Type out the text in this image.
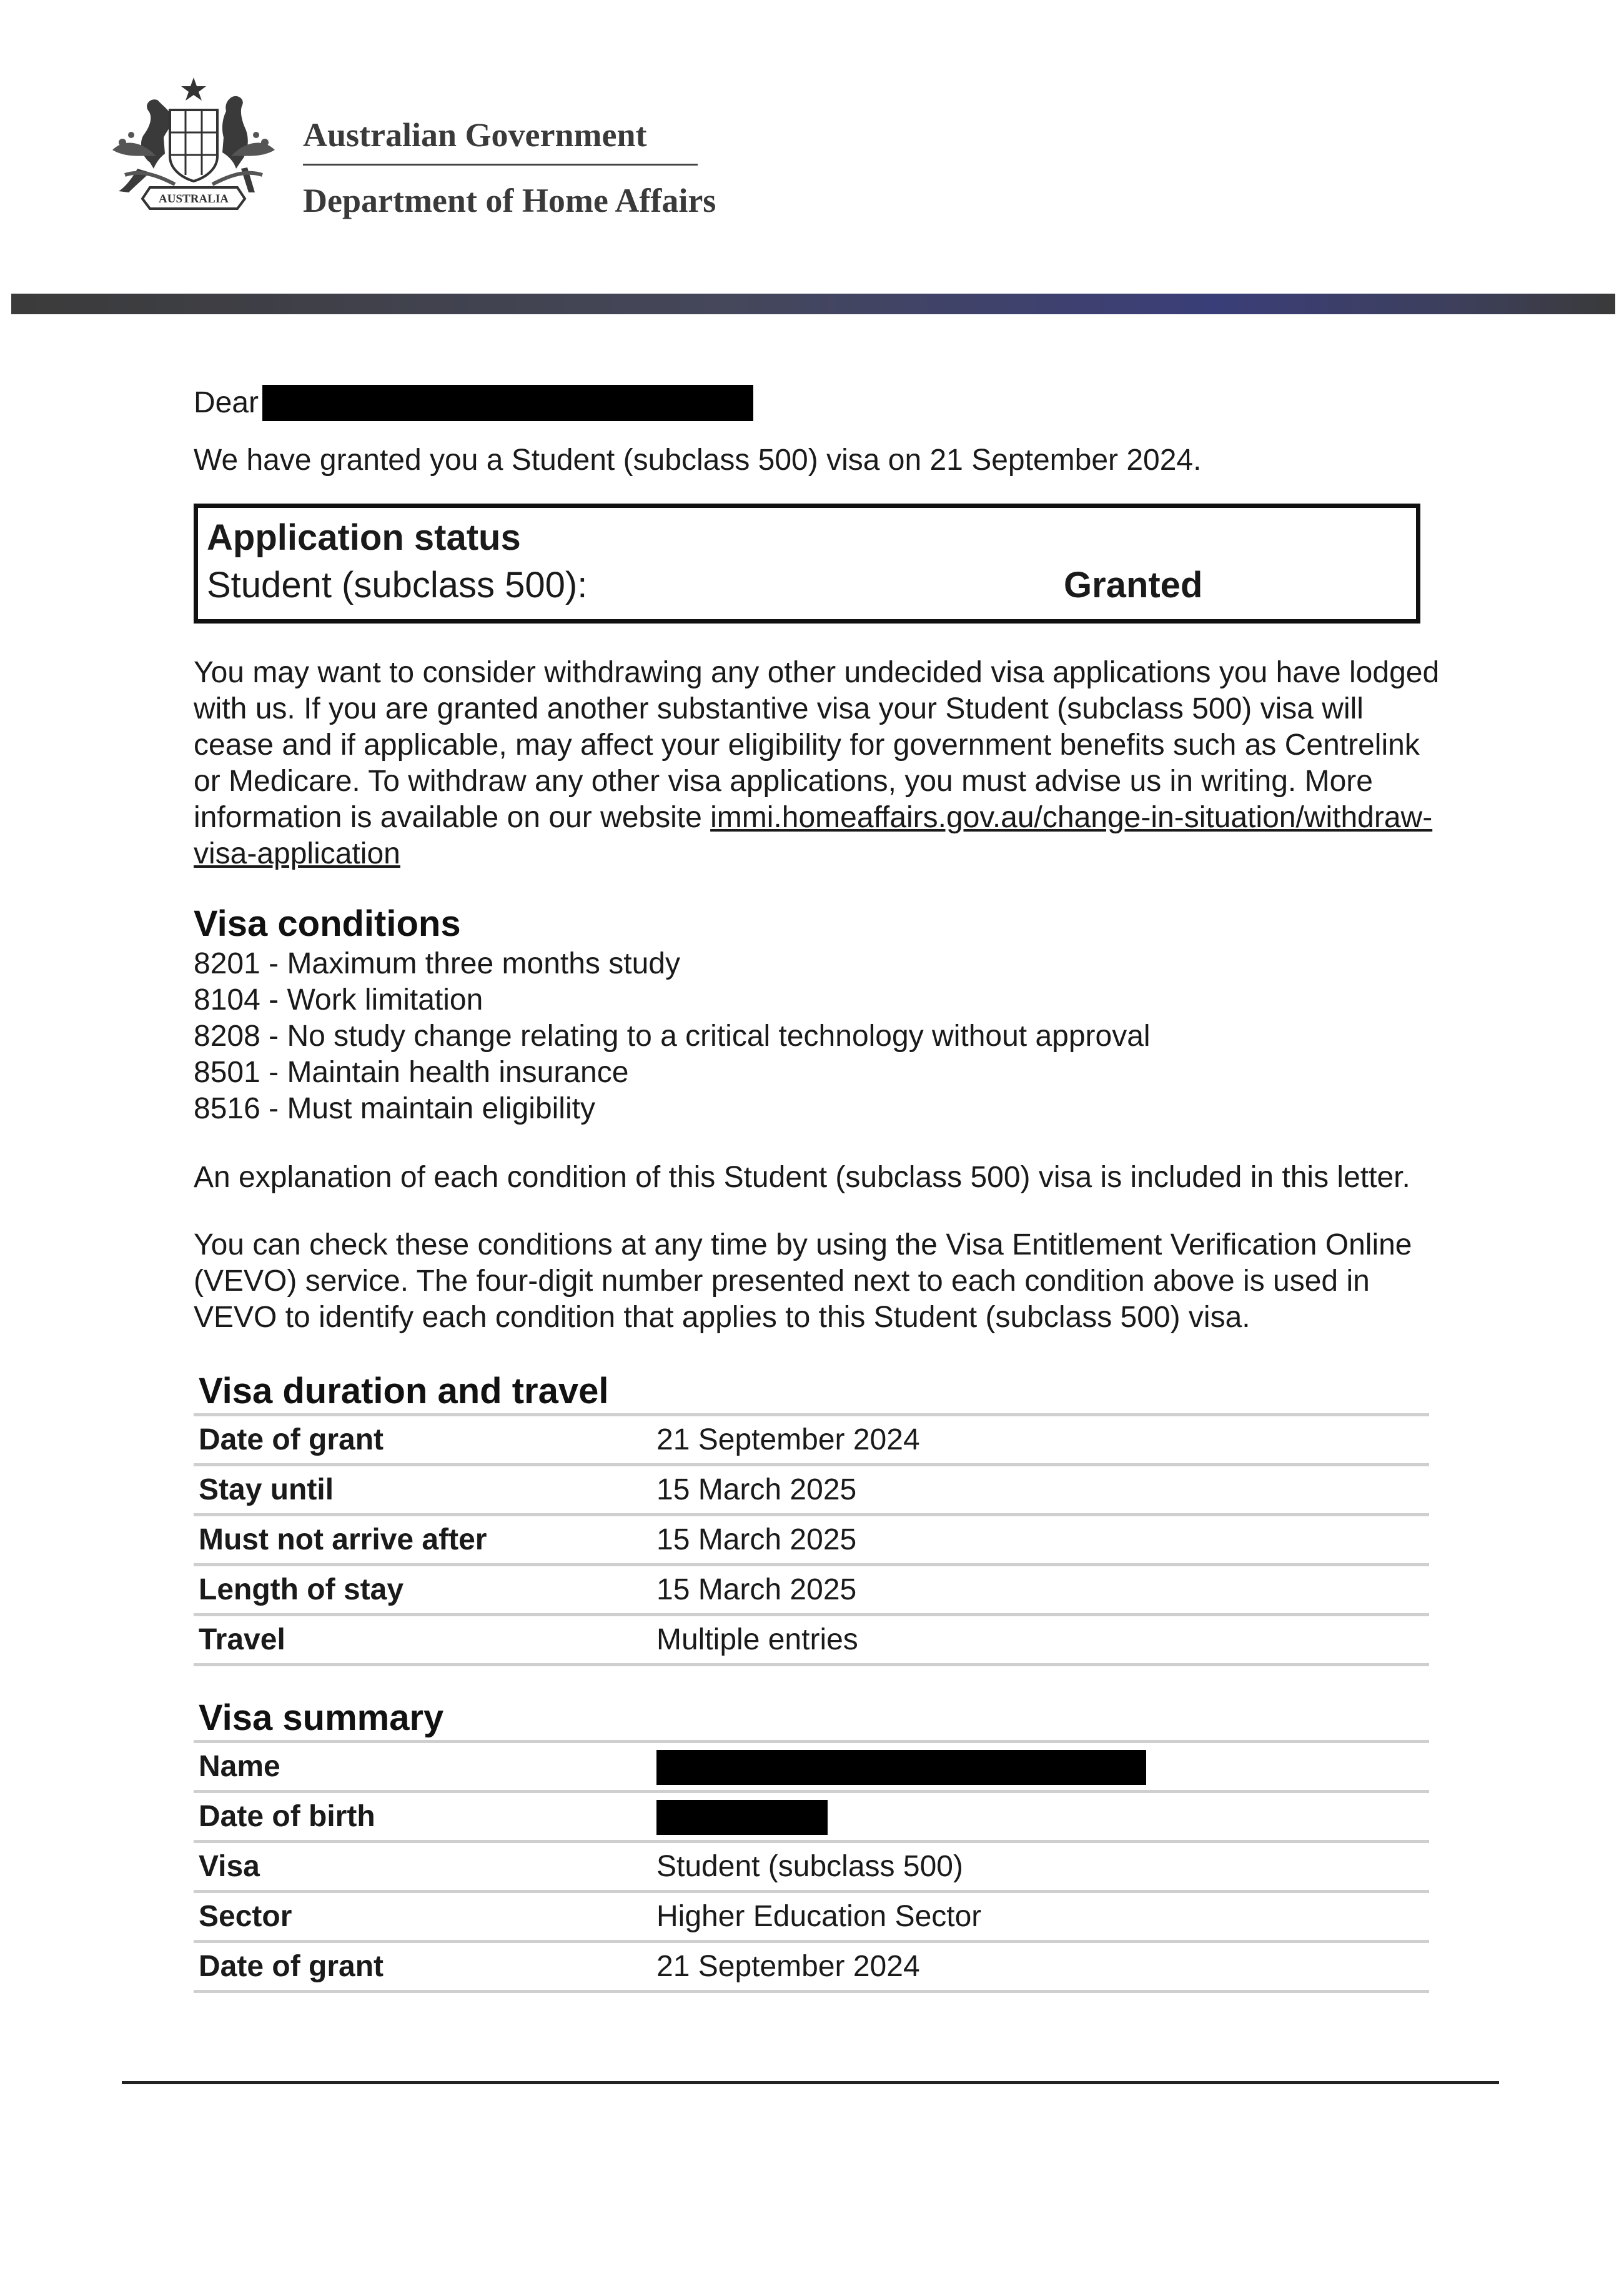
AUSTRALIA
Australian Government
Department of Home Affairs
Dear

We have granted you a Student (subclass 500) visa on 21 September 2024.

Application status
Student (subclass 500):	Granted

You may want to consider withdrawing any other undecided visa applications you have lodged with us. If you are granted another substantive visa your Student (subclass 500) visa will cease and if applicable, may affect your eligibility for government benefits such as Centrelink or Medicare. To withdraw any other visa applications, you must advise us in writing. More information is available on our website immi.homeaffairs.gov.au/change-in-situation/withdraw-visa-application

Visa conditions
8201 - Maximum three months study
8104 - Work limitation
8208 - No study change relating to a critical technology without approval
8501 - Maintain health insurance
8516 - Must maintain eligibility

An explanation of each condition of this Student (subclass 500) visa is included in this letter.

You can check these conditions at any time by using the Visa Entitlement Verification Online (VEVO) service. The four-digit number presented next to each condition above is used in VEVO to identify each condition that applies to this Student (subclass 500) visa.

Visa duration and travel
Date of grant	21 September 2024
Stay until	15 March 2025
Must not arrive after	15 March 2025
Length of stay	15 March 2025
Travel	Multiple entries
Visa summary
Name	
Date of birth	
Visa	Student (subclass 500)
Sector	Higher Education Sector
Date of grant	21 September 2024
